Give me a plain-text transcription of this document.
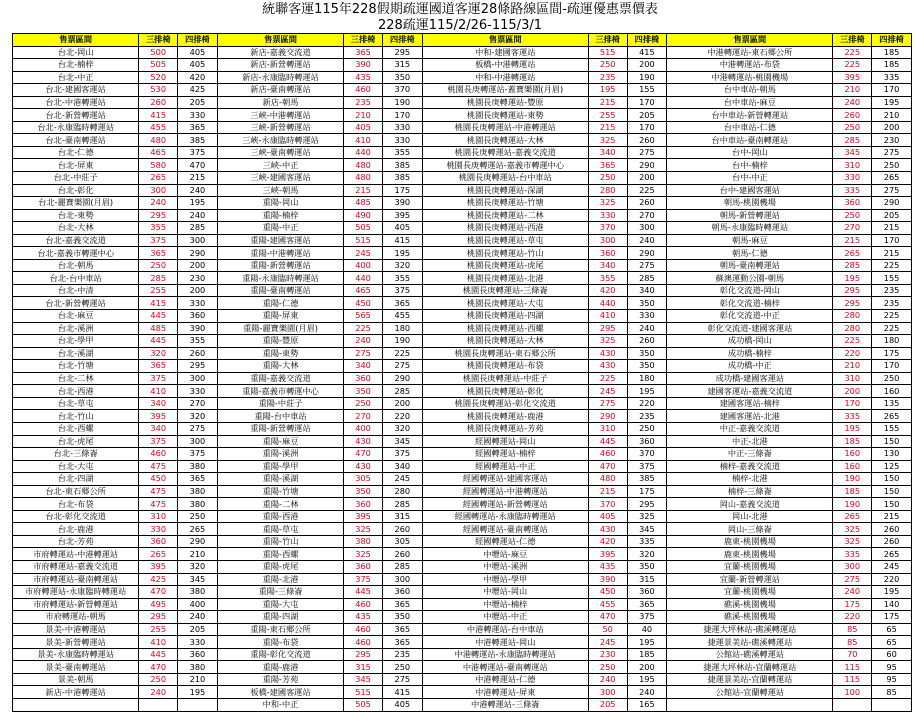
統聯客運115年228假期疏運國道客運28條路線區間-疏運優惠票價表
228疏運115/2/26-115/3/1
售票區間	三排椅	四排椅	售票區間	三排椅	四排椅	售票區間	三排椅	四排椅	售票區間	三排椅	四排椅
台北-岡山	500	405	新店-嘉義交流道	365	295	中和-建國客運站	515	415	中港轉運站-東石郷公所	225	185
台北-楠梓	505	405	新店-新營轉運站	390	315	板橋-中港轉運站	250	200	中港轉運站-布袋	225	185
台北-中正	520	420	新店-永康臨時轉運站	435	350	中和-中港轉運站	235	190	中港轉運站-桃園機場	395	335
台北-建國客運站	530	425	新店-臺南轉運站	460	370	桃園長庚轉運站-蓋寶樂園(月眉)	195	155	台中車站-朝馬	210	170
台北-中港轉運站	260	205	新店-朝馬	235	190	桃園長庚轉運站-豐原	215	170	台中車站-麻豆	240	195
台北-新營轉運站	415	330	三峽-中港轉運站	210	170	桃園長庚轉運站-東勢	255	205	台中車站-新營轉運站	260	210
台北-永康臨時轉運站	455	365	三峽-新營轉運站	405	330	桃園長庚轉運站-中港轉運站	215	170	台中車站-仁德	250	200
台北-臺南轉運站	480	385	三峽-永康臨時轉運站	410	330	桃園長庚轉運站-大林	325	260	台中車站-臺南轉運站	285	230
台北-仁德	465	375	三峽-臺南轉運站	440	355	桃園長庚轉運站-嘉義交流道	340	275	台中-岡山	345	275
台北-屏東	580	470	三峽-中正	480	385	桃園長庚轉運站-嘉義市轉運中心	365	290	台中-楠梓	310	250
台北-中莊子	265	215	三峽-建國客運站	480	385	桃園長庚轉運站-台中車站	250	200	台中-中正	330	265
台北-彰化	300	240	三峽-朝馬	215	175	桃園長庚轉運站-深湖	280	225	台中-建國客運站	335	275
台北-麗寶樂園(月眉)	240	195	重陽-岡山	485	390	桃園長庚轉運站-竹塘	325	260	朝馬-桃園機場	360	290
台北-東勢	295	240	重陽-楠梓	490	395	桃園長庚轉運站-二林	330	270	朝馬-新營轉運站	250	205
台北-大林	355	285	重陽-中正	505	405	桃園長庚轉運站-西港	370	300	朝馬-永康臨時轉運站	270	215
台北-嘉義交流道	375	300	重陽-建國客運站	515	415	桃園長庚轉運站-草屯	300	240	朝馬-麻豆	215	170
台北-嘉義市轉運中心	365	290	重陽-中港轉運站	245	195	桃園長庚轉運站-竹山	360	290	朝馬-仁德	265	215
台北-朝馬	250	200	重陽-新營轉運站	400	320	桃園長庚轉運站-虎尾	340	275	朝馬-臺南轉運站	285	225
台北-台中車站	285	230	重陽-永康臨時轉運站	440	355	桃園長庚轉運站-北港	355	285	蘇澳運動公園-朝馬	195	155
台北-中清	255	200	重陽-臺南轉運站	465	375	桃園長庚轉運站-三條崙	420	340	彰化交流道-岡山	295	235
台北-新營轉運站	415	330	重陽-仁德	450	365	桃園長庚轉運站-大屯	440	350	彰化交流道-楠梓	295	235
台北-麻豆	445	360	重陽-屏東	565	455	桃園長庚轉運站-四湖	410	330	彰化交流道-中正	280	225
台北-溪洲	485	390	重陽-麗寶樂園(月眉)	225	180	桃園長庚轉運站-西螺	295	240	彰化交流道-建國客運站	280	225
台北-學甲	445	355	重陽-豐原	240	190	桃園長庚轉運站-大林	325	260	成功橋-岡山	225	180
台北-溪湖	320	260	重陽-東勢	275	225	桃園長庚轉運站-東石郷公所	430	350	成功橋-楠梓	220	175
台北-竹塘	365	295	重陽-大林	340	275	桃園長庚轉運站-布袋	430	350	成功橋-中正	210	170
台北-二林	375	300	重陽-嘉義交流道	360	290	桃園長庚轉運站-中莊子	225	180	成功橋-建國客運站	310	250
台北-西港	410	330	重陽-嘉義市轉運中心	350	285	桃園長庚轉運站-彰化	245	195	建國客運站-嘉義交流道	200	160
台北-草屯	340	270	重陽-中莊子	250	200	桃園長庚轉運站-彰化交流道	275	220	建國客運站-楠梓	170	135
台北-竹山	395	320	重陽-台中車站	270	220	桃園長庚轉運站-鹿港	290	235	建國客運站-北港	335	265
台北-西螺	340	275	重陽-新營轉運站	400	320	桃園長庚轉運站-芳苑	310	250	中正-嘉義交流道	195	155
台北-虎尾	375	300	重陽-麻豆	430	345	經國轉運站-岡山	445	360	中正-北港	185	150
台北-三條崙	460	375	重陽-溪洲	470	375	經國轉運站-楠梓	460	370	中正-三條崙	160	130
台北-大屯	475	380	重陽-學甲	430	340	經國轉運站-中正	470	375	楠梓-嘉義交流道	160	125
台北-四湖	450	365	重陽-溪湖	305	245	經國轉運站-建國客運站	480	385	楠梓-北港	190	150
台北-東石郷公所	475	380	重陽-竹塘	350	280	經國轉運站-中港轉運站	215	175	楠梓-三條崙	185	150
台北-布袋	475	380	重陽-二林	360	285	經國轉運站-新營轉運站	370	295	岡山-嘉義交流道	190	150
台北-彰化交流道	310	250	重陽-西港	395	315	經國轉運站-永康臨時轉運站	405	325	岡山-北港	265	215
台北-鹿港	330	265	重陽-草屯	325	260	經國轉運站-臺南轉運站	430	345	岡山-三條崙	325	260
台北-芳苑	360	290	重陽-竹山	380	305	經國轉運站-仁德	420	335	鹿東-桃園機場	325	260
市府轉運站-中港轉運站	265	210	重陽-西螺	325	260	中壢站-麻豆	395	320	鹿東-桃園機場	335	265
市府轉運站-嘉義交流道	395	320	重陽-虎尾	360	285	中壢站-溪洲	435	350	宜蘭-桃園機場	300	245
市府轉運站-臺南轉運站	425	345	重陽-北港	375	300	中壢站-學甲	390	315	宜蘭-新營轉運站	275	220
市府轉運站-永康臨時轉運站	470	380	重陽-三條崙	445	360	中壢站-岡山	450	360	宜蘭-桃園機場	240	195
市府轉運站-新營轉運站	495	400	重陽-大屯	460	365	中壢站-楠梓	455	365	礁溪-桃園機場	175	140
市府轉運站-朝馬	295	240	重陽-四湖	435	350	中壢站-中正	470	375	礁溪-桃園機場	220	175
景美-中港轉運站	255	205	重陽-東石郷公所	460	365	中港轉運站-台中車站	50	40	捷運大坪林站-礁溪轉運站	85	65
景美-新營轉運站	410	330	重陽-布袋	460	365	中港轉運站-岡山	245	195	捷運景美站-礁溪轉運站	85	65
景美-永康臨時轉運站	445	360	重陽-彰化交流道	295	235	中港轉運站-永康臨時轉運站	230	185	公館站-礁溪轉運站	70	60
景美-臺南轉運站	470	380	重陽-鹿港	315	250	中港轉運站-臺南轉運站	250	200	捷運大坪林站-宜蘭轉運站	115	95
景美-朝馬	250	210	重陽-芳苑	345	275	中港轉運站-仁德	240	195	捷運景美站-宜蘭轉運站	115	95
新店-中港轉運站	240	195	板橋-建國客運站	515	415	中港轉運站-屏東	300	240	公館站-宜蘭轉運站	100	85
			中和-中正	505	405	中港轉運站-三條崙	205	165			
